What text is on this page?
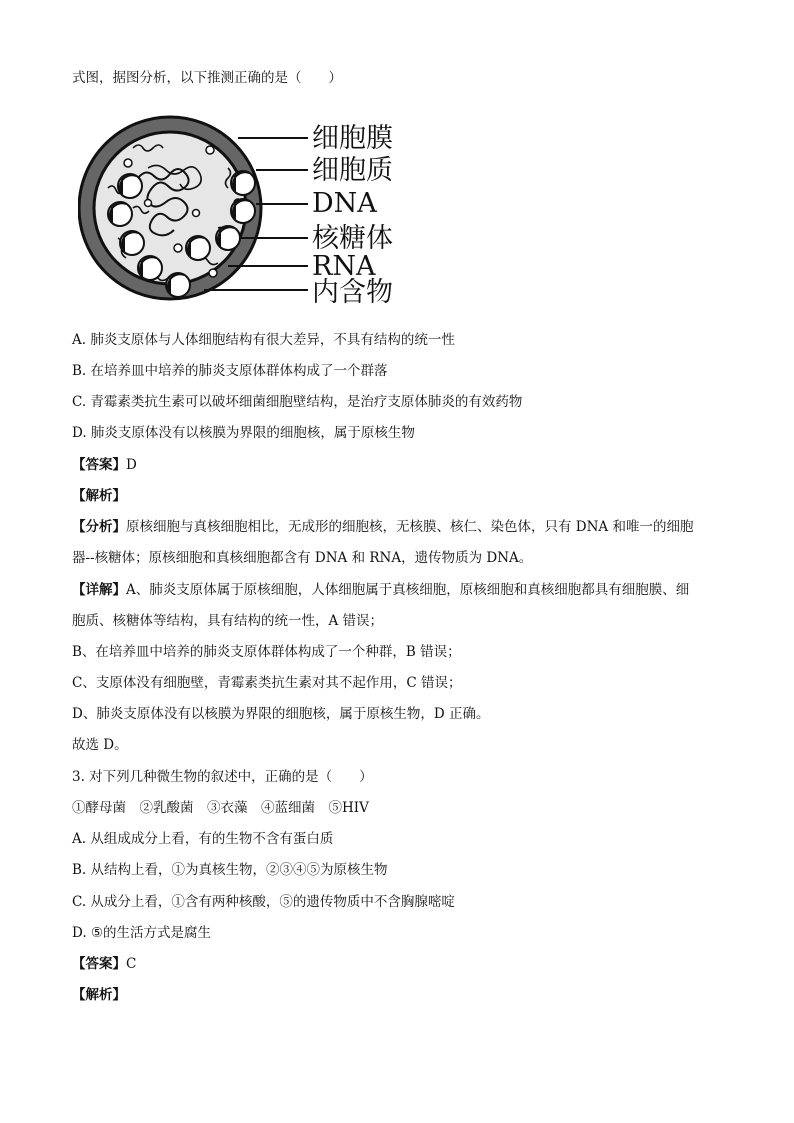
式图，据图分析，以下推测正确的是（　　）
细胞膜
细胞质
DNA
核糖体
RNA
内含物
A. 肺炎支原体与人体细胞结构有很大差异，不具有结构的统一性
B. 在培养皿中培养的肺炎支原体群体构成了一个群落
C. 青霉素类抗生素可以破坏细菌细胞壁结构，是治疗支原体肺炎的有效药物
D. 肺炎支原体没有以核膜为界限的细胞核，属于原核生物
【答案】D
【解析】
【分析】原核细胞与真核细胞相比，无成形的细胞核，无核膜、核仁、染色体，只有 DNA 和唯一的细胞
器--核糖体；原核细胞和真核细胞都含有 DNA 和 RNA，遗传物质为 DNA。
【详解】A、肺炎支原体属于原核细胞，人体细胞属于真核细胞，原核细胞和真核细胞都具有细胞膜、细
胞质、核糖体等结构，具有结构的统一性，A 错误；
B、在培养皿中培养的肺炎支原体群体构成了一个种群，B 错误；
C、支原体没有细胞壁，青霉素类抗生素对其不起作用，C 错误；
D、肺炎支原体没有以核膜为界限的细胞核，属于原核生物，D 正确。
故选 D。
3. 对下列几种微生物的叙述中，正确的是（　　）
①酵母菌　②乳酸菌　③衣藻　④蓝细菌　⑤HIV
A. 从组成成分上看，有的生物不含有蛋白质
B. 从结构上看，①为真核生物，②③④⑤为原核生物
C. 从成分上看，①含有两种核酸，⑤的遗传物质中不含胸腺嘧啶
D. ⑤的生活方式是腐生
【答案】C
【解析】
